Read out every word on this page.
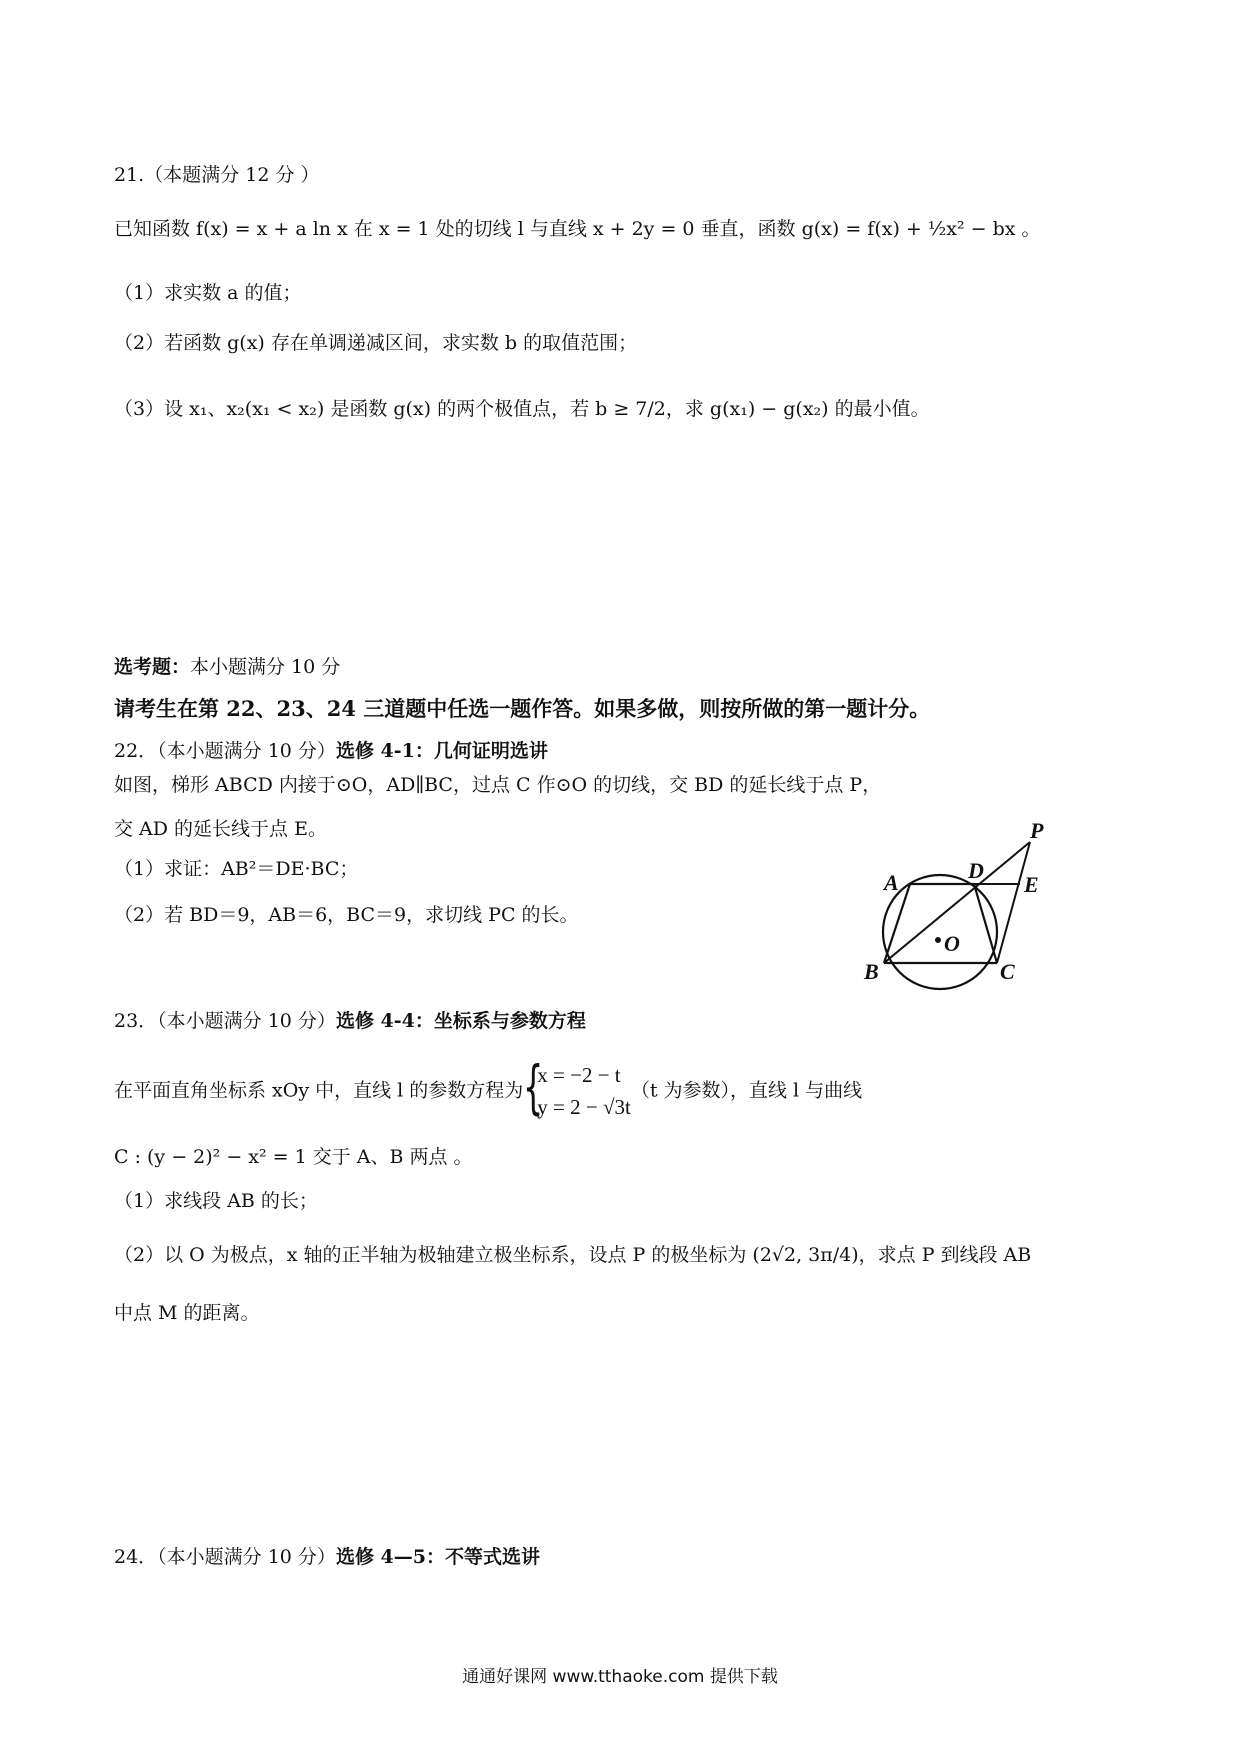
21.（本题满分 12 分 ）
已知函数 f(x) = x + a ln x 在 x = 1 处的切线 l 与直线 x + 2y = 0 垂直，函数 g(x) = f(x) + ½x² − bx 。
（1）求实数 a 的值；
（2）若函数 g(x) 存在单调递减区间，求实数 b 的取值范围；
（3）设 x₁、x₂(x₁ < x₂) 是函数 g(x) 的两个极值点，若 b ≥ 7/2，求 g(x₁) − g(x₂) 的最小值。
选考题：本小题满分 10 分
请考生在第 22、23、24 三道题中任选一题作答。如果多做，则按所做的第一题计分。
22．（本小题满分 10 分）选修 4-1：几何证明选讲
如图，梯形 ABCD 内接于⊙O，AD∥BC，过点 C 作⊙O 的切线，交 BD 的延长线于点 P，
交 AD 的延长线于点 E。
（1）求证：AB²＝DE·BC；
（2）若 BD＝9，AB＝6，BC＝9，求切线 PC 的长。
P
D
A	E
O
B	C
23．（本小题满分 10 分）选修 4-4：坐标系与参数方程
在平面直角坐标系 xOy 中，直线 l 的参数方程为 {
x = −2 − t
y = 2 − √3t
（t 为参数），直线 l 与曲线
C : (y − 2)² − x² = 1 交于 A、B 两点 。
（1）求线段 AB 的长；
（2）以 O 为极点，x 轴的正半轴为极轴建立极坐标系，设点 P 的极坐标为 (2√2, 3π/4)，求点 P 到线段 AB
中点 M 的距离。
24．（本小题满分 10 分）选修 4—5：不等式选讲
通通好课网 www.tthaoke.com 提供下载
